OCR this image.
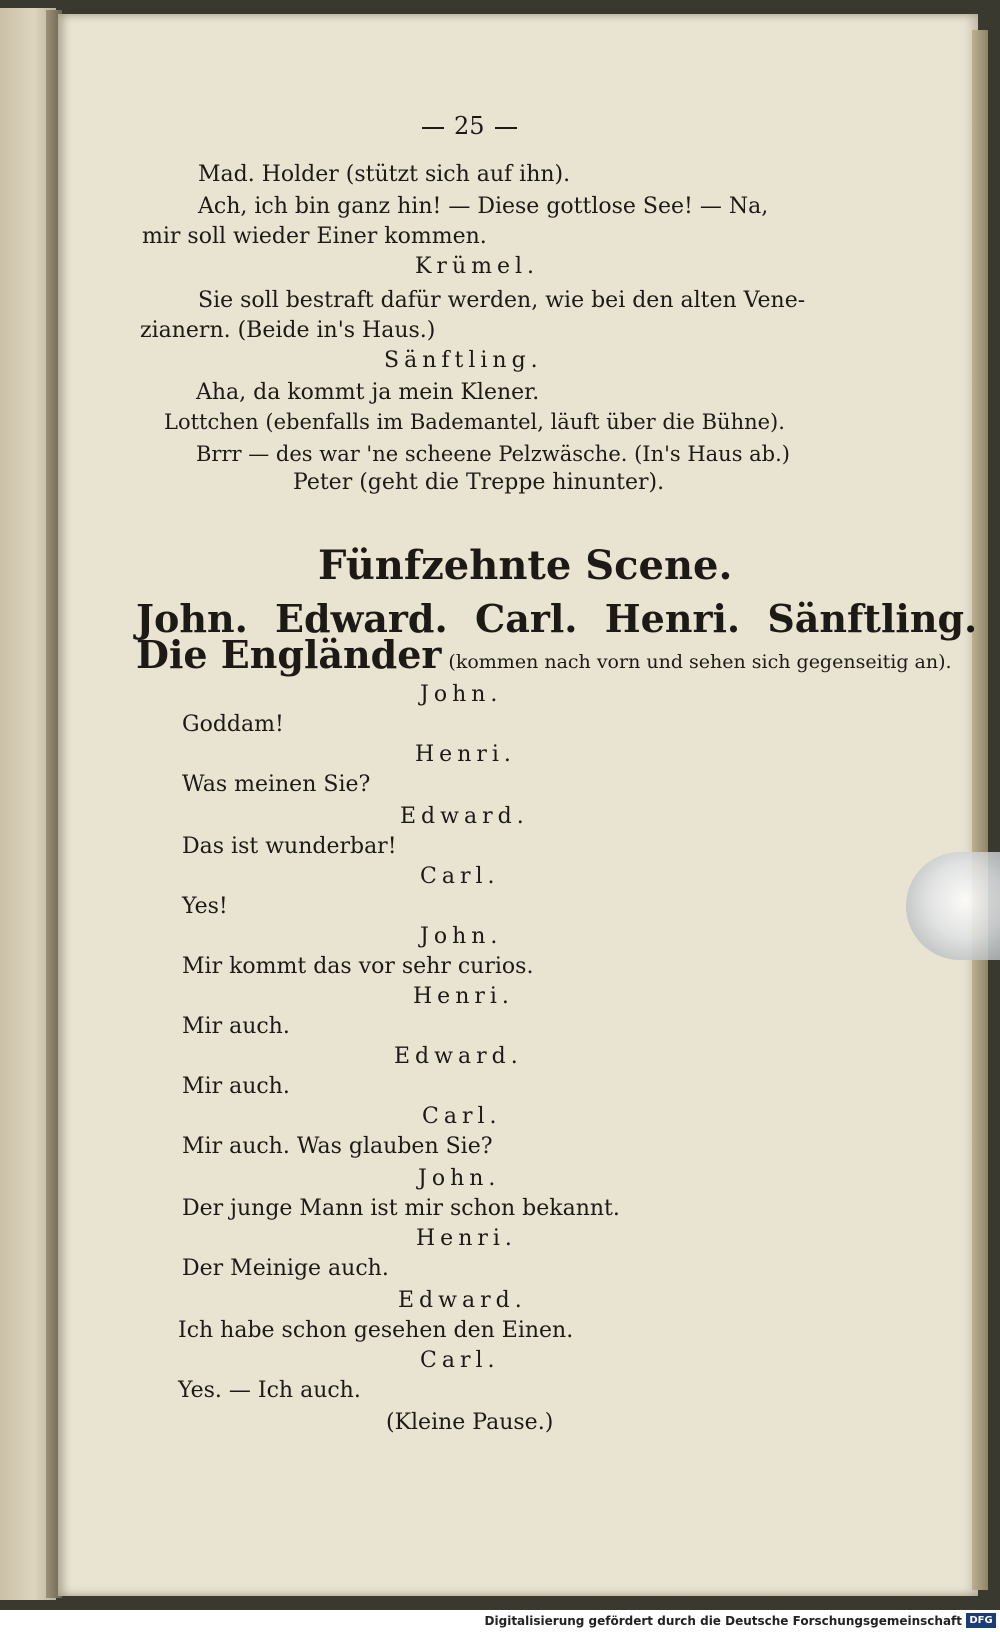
25
Mad. Holder (stützt sich auf ihn).
Ach, ich bin ganz hin! — Diese gottlose See! — Na,
mir soll wieder Einer kommen.
Krümel.
Sie soll bestraft dafür werden, wie bei den alten Vene-
zianern. (Beide in's Haus.)
Sänftling.
Aha, da kommt ja mein Klener.
Lottchen (ebenfalls im Bademantel, läuft über die Bühne).
Brrr — des war 'ne scheene Pelzwäsche. (In's Haus ab.)
Peter (geht die Treppe hinunter).
Fünfzehnte Scene.
John. Edward. Carl. Henri. Sänftling.
Die Engländer (kommen nach vorn und sehen sich gegenseitig an).
John.
Goddam!
Henri.
Was meinen Sie?
Edward.
Das ist wunderbar!
Carl.
Yes!
John.
Mir kommt das vor sehr curios.
Henri.
Mir auch.
Edward.
Mir auch.
Carl.
Mir auch. Was glauben Sie?
John.
Der junge Mann ist mir schon bekannt.
Henri.
Der Meinige auch.
Edward.
Ich habe schon gesehen den Einen.
Carl.
Yes. — Ich auch.
(Kleine Pause.)
Digitalisierung gefördert durch die Deutsche Forschungsgemeinschaft DFG
